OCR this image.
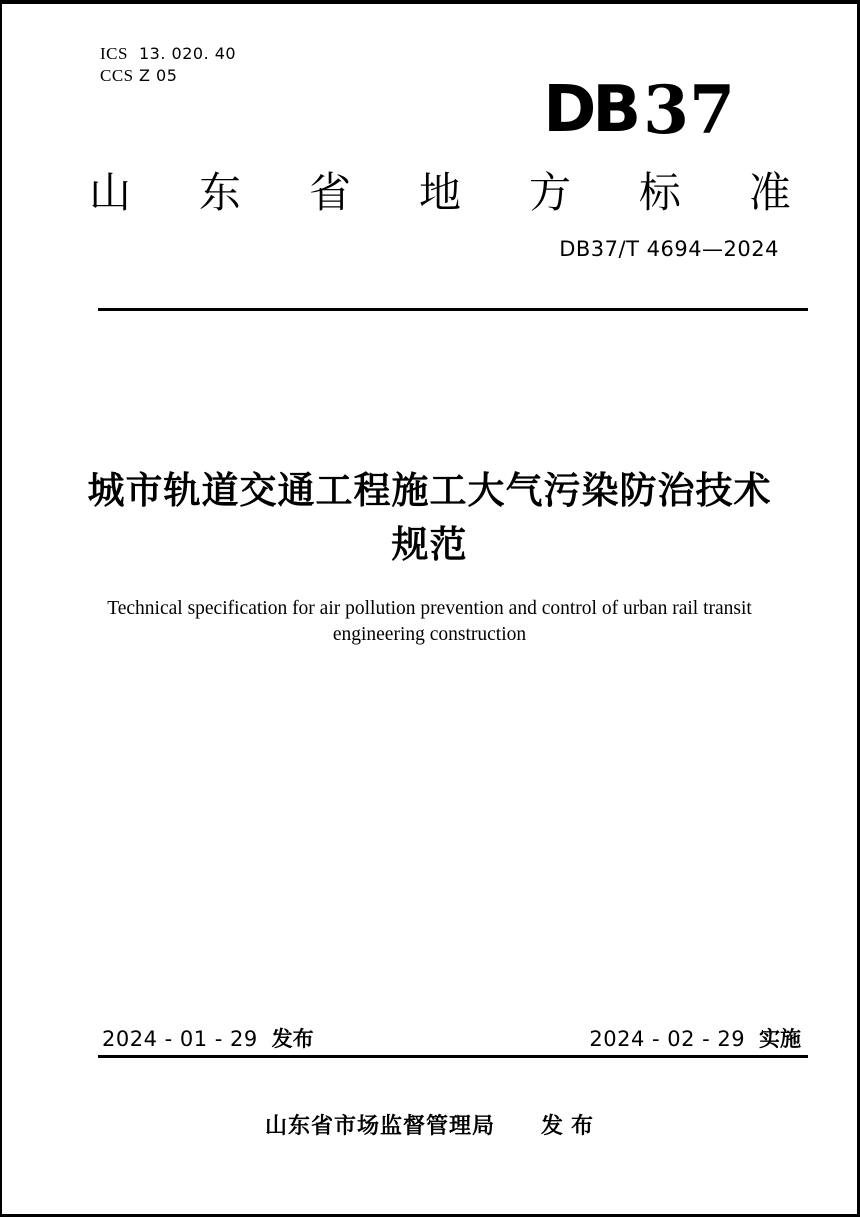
ICS 13. 020. 40
CCS Z 05	DB 37
山 东 省 地 方 标 准
DB37/T 4694—2024
城市轨道交通工程施工大气污染防治技术
规范
Technical specification for air pollution prevention and control of urban rail transit
engineering construction
2024 - 01 - 29 发布	2024 - 02 - 29 实施
山东省市场监督管理局　　发 布
